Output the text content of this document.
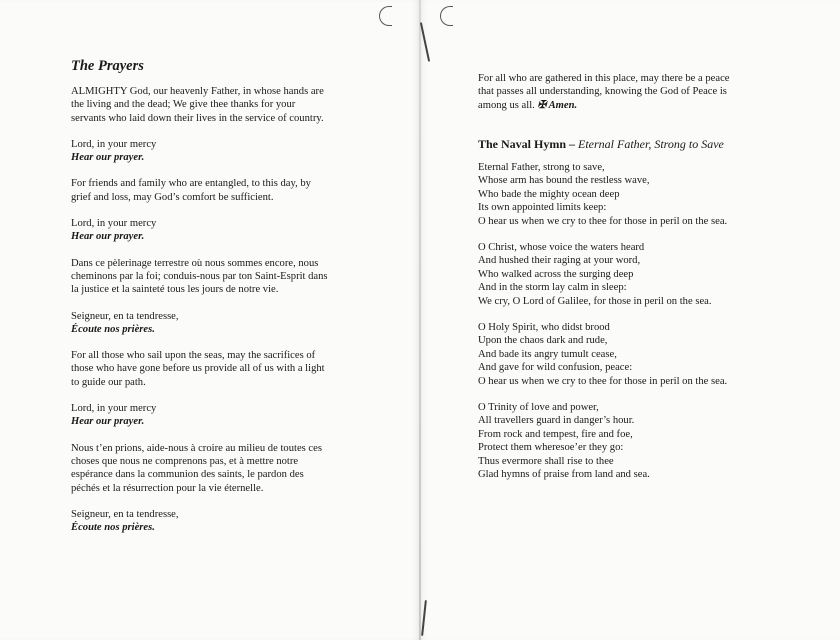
The Prayers

ALMIGHTY God, our heavenly Father, in whose hands are

the living and the dead; We give thee thanks for your

servants who laid down their lives in the service of country.

Lord, in your mercy

Hear our prayer.

For friends and family who are entangled, to this day, by

grief and loss, may God’s comfort be sufficient.

Lord, in your mercy

Hear our prayer.

Dans ce pèlerinage terrestre où nous sommes encore, nous

cheminons par la foi; conduis-nous par ton Saint-Esprit dans

la justice et la sainteté tous les jours de notre vie.

Seigneur, en ta tendresse,

Écoute nos prières.

For all those who sail upon the seas, may the sacrifices of

those who have gone before us provide all of us with a light

to guide our path.

Lord, in your mercy

Hear our prayer.

Nous t’en prions, aide-nous à croire au milieu de toutes ces

choses que nous ne comprenons pas, et à mettre notre

espérance dans la communion des saints, le pardon des

péchés et la résurrection pour la vie éternelle.

Seigneur, en ta tendresse,

Écoute nos prières.

For all who are gathered in this place, may there be a peace

that passes all understanding, knowing the God of Peace is

among us all. ✠ Amen.

The Naval Hymn – Eternal Father, Strong to Save

Eternal Father, strong to save,

Whose arm has bound the restless wave,

Who bade the mighty ocean deep

Its own appointed limits keep:

O hear us when we cry to thee for those in peril on the sea.

O Christ, whose voice the waters heard

And hushed their raging at your word,

Who walked across the surging deep

And in the storm lay calm in sleep:

We cry, O Lord of Galilee, for those in peril on the sea.

O Holy Spirit, who didst brood

Upon the chaos dark and rude,

And bade its angry tumult cease,

And gave for wild confusion, peace:

O hear us when we cry to thee for those in peril on the sea.

O Trinity of love and power,

All travellers guard in danger’s hour.

From rock and tempest, fire and foe,

Protect them wheresoe’er they go:

Thus evermore shall rise to thee

Glad hymns of praise from land and sea.
